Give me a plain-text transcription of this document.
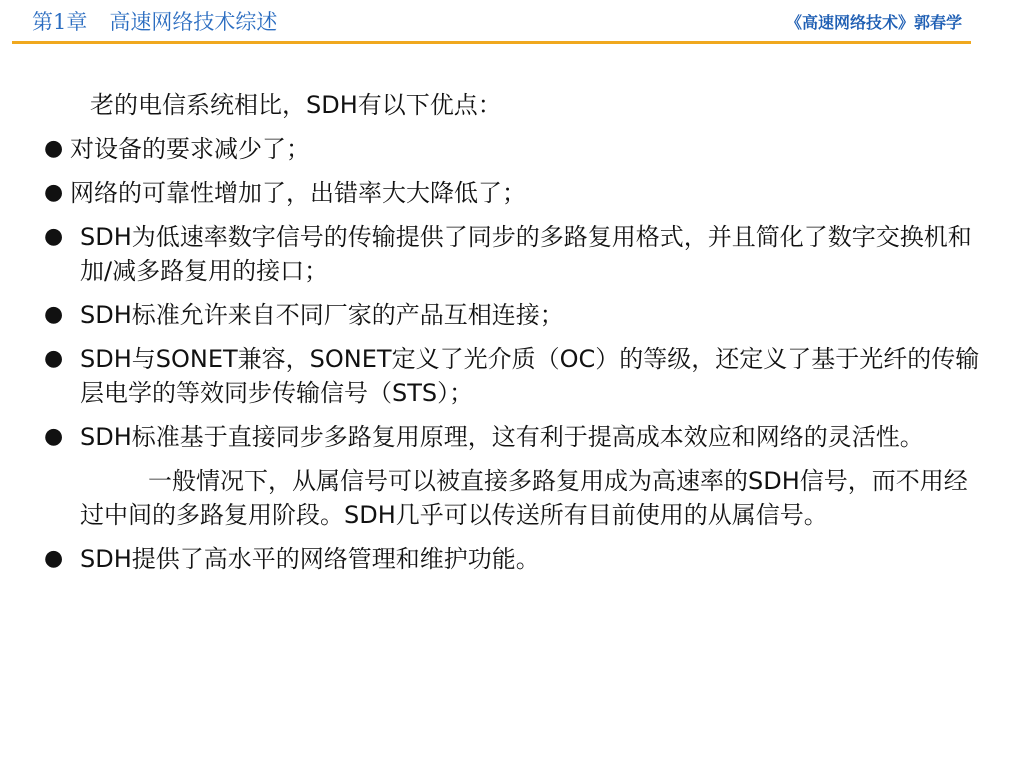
第1章 高速网络技术综述	《高速网络技术》郭春学
老的电信系统相比，SDH有以下优点：
● 对设备的要求减少了；
● 网络的可靠性增加了，出错率大大降低了；
● SDH为低速率数字信号的传输提供了同步的多路复用格式，并且简化了数字交换机和加/减多路复用的接口；
● SDH标准允许来自不同厂家的产品互相连接；
● SDH与SONET兼容，SONET定义了光介质（OC）的等级，还定义了基于光纤的传输层电学的等效同步传输信号（STS）；
● SDH标准基于直接同步多路复用原理，这有利于提高成本效应和网络的灵活性。
一般情况下，从属信号可以被直接多路复用成为高速率的SDH信号，而不用经过中间的多路复用阶段。SDH几乎可以传送所有目前使用的从属信号。
● SDH提供了高水平的网络管理和维护功能。
